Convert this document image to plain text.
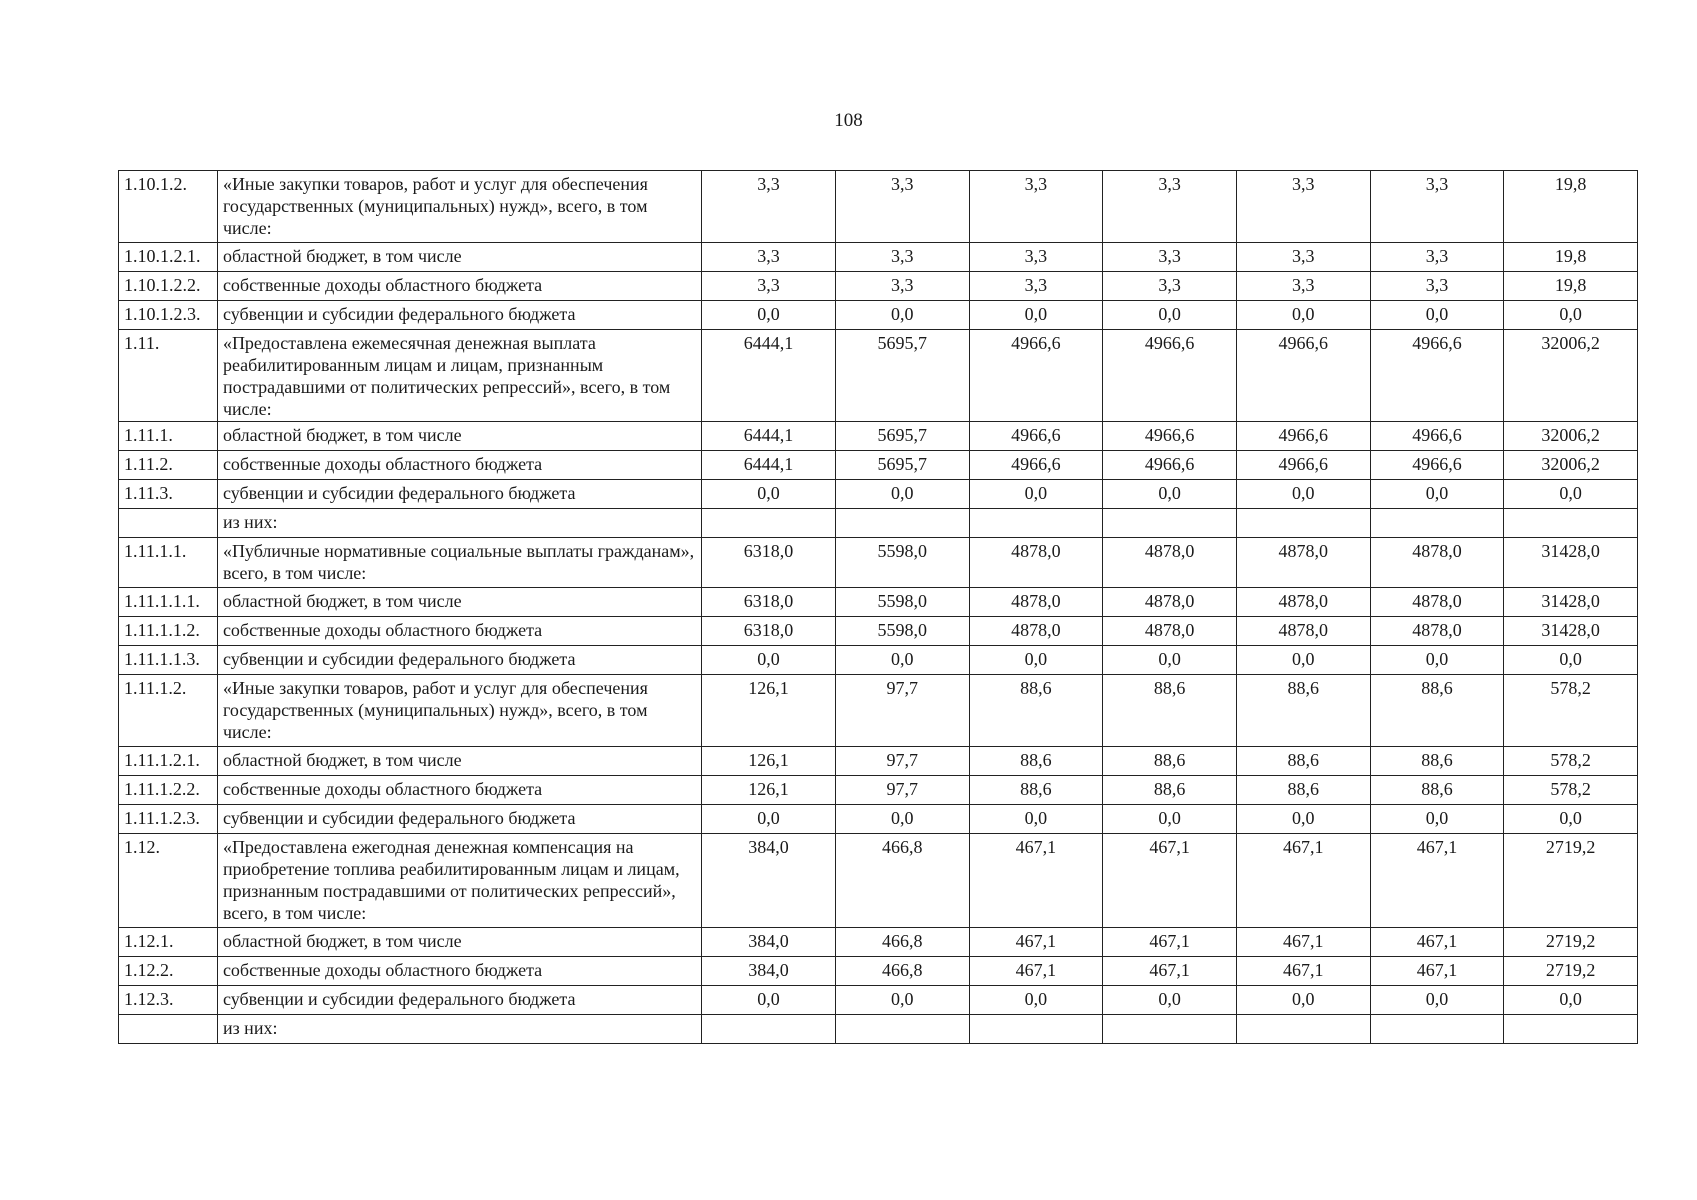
108
1.10.1.2.	«Иные закупки товаров, работ и услуг для обеспечения государственных (муниципальных) нужд», всего, в том числе:	3,3	3,3	3,3	3,3	3,3	3,3	19,8
1.10.1.2.1.	областной бюджет, в том числе	3,3	3,3	3,3	3,3	3,3	3,3	19,8
1.10.1.2.2.	собственные доходы областного бюджета	3,3	3,3	3,3	3,3	3,3	3,3	19,8
1.10.1.2.3.	субвенции и субсидии федерального бюджета	0,0	0,0	0,0	0,0	0,0	0,0	0,0
1.11.	«Предоставлена ежемесячная денежная выплата реабилитированным лицам и лицам, признанным пострадавшими от политических репрессий», всего, в том числе:	6444,1	5695,7	4966,6	4966,6	4966,6	4966,6	32006,2
1.11.1.	областной бюджет, в том числе	6444,1	5695,7	4966,6	4966,6	4966,6	4966,6	32006,2
1.11.2.	собственные доходы областного бюджета	6444,1	5695,7	4966,6	4966,6	4966,6	4966,6	32006,2
1.11.3.	субвенции и субсидии федерального бюджета	0,0	0,0	0,0	0,0	0,0	0,0	0,0
	из них:							
1.11.1.1.	«Публичные нормативные социальные выплаты гражданам», всего, в том числе:	6318,0	5598,0	4878,0	4878,0	4878,0	4878,0	31428,0
1.11.1.1.1.	областной бюджет, в том числе	6318,0	5598,0	4878,0	4878,0	4878,0	4878,0	31428,0
1.11.1.1.2.	собственные доходы областного бюджета	6318,0	5598,0	4878,0	4878,0	4878,0	4878,0	31428,0
1.11.1.1.3.	субвенции и субсидии федерального бюджета	0,0	0,0	0,0	0,0	0,0	0,0	0,0
1.11.1.2.	«Иные закупки товаров, работ и услуг для обеспечения государственных (муниципальных) нужд», всего, в том числе:	126,1	97,7	88,6	88,6	88,6	88,6	578,2
1.11.1.2.1.	областной бюджет, в том числе	126,1	97,7	88,6	88,6	88,6	88,6	578,2
1.11.1.2.2.	собственные доходы областного бюджета	126,1	97,7	88,6	88,6	88,6	88,6	578,2
1.11.1.2.3.	субвенции и субсидии федерального бюджета	0,0	0,0	0,0	0,0	0,0	0,0	0,0
1.12.	«Предоставлена ежегодная денежная компенсация на приобретение топлива реабилитированным лицам и лицам, признанным пострадавшими от политических репрессий», всего, в том числе:	384,0	466,8	467,1	467,1	467,1	467,1	2719,2
1.12.1.	областной бюджет, в том числе	384,0	466,8	467,1	467,1	467,1	467,1	2719,2
1.12.2.	собственные доходы областного бюджета	384,0	466,8	467,1	467,1	467,1	467,1	2719,2
1.12.3.	субвенции и субсидии федерального бюджета	0,0	0,0	0,0	0,0	0,0	0,0	0,0
	из них:							
